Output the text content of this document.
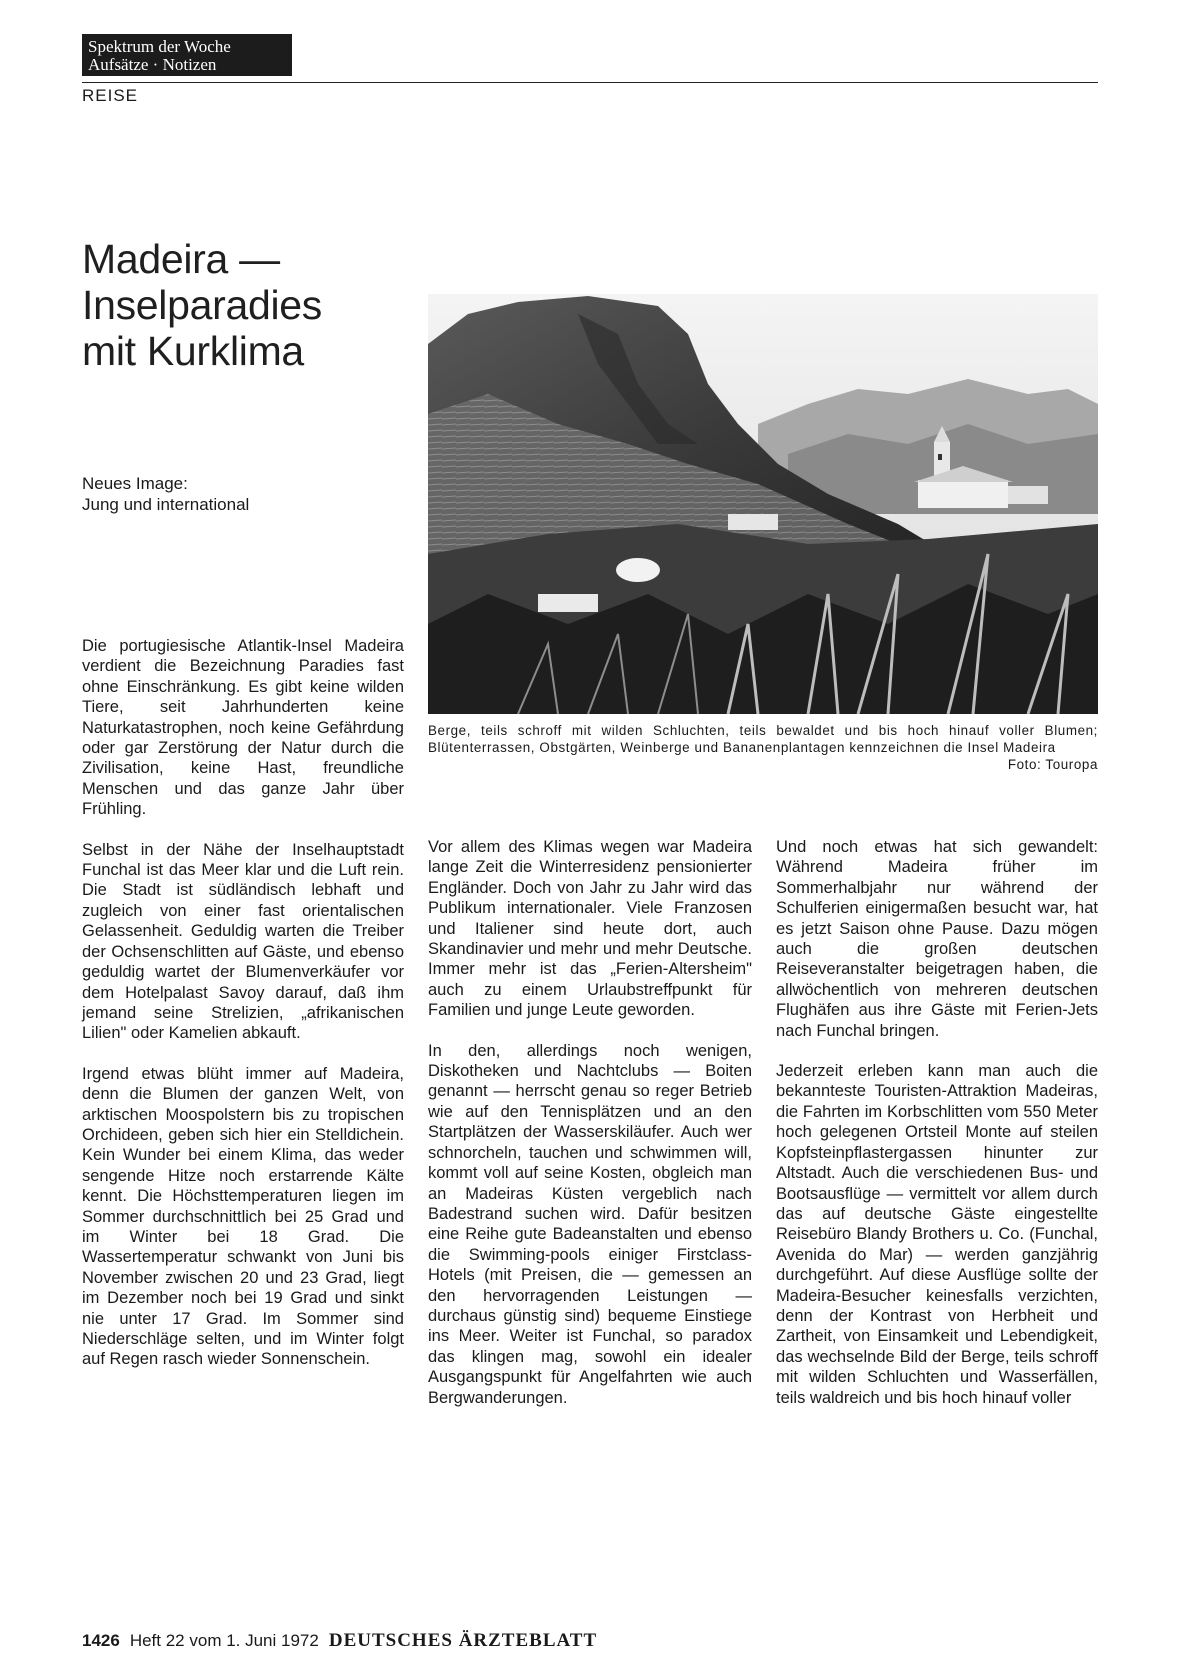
Spektrum der Woche
Aufsätze · Notizen
REISE
Madeira —
Inselparadies
mit Kurklima
Neues Image:
Jung und international
Berge, teils schroff mit wilden Schluchten, teils bewaldet und bis hoch hinauf voller Blumen; Blütenterrassen, Obstgärten, Weinberge und Bananenplantagen kennzeichnen die Insel Madeira
Foto: Touropa

Die portugiesische Atlantik-Insel Madeira verdient die Bezeichnung Paradies fast ohne Einschränkung. Es gibt keine wilden Tiere, seit Jahrhunderten keine Naturkatastrophen, noch keine Gefährdung oder gar Zerstörung der Natur durch die Zivilisation, keine Hast, freundliche Menschen und das ganze Jahr über Frühling.

Selbst in der Nähe der Inselhauptstadt Funchal ist das Meer klar und die Luft rein. Die Stadt ist südländisch lebhaft und zugleich von einer fast orientalischen Gelassenheit. Geduldig warten die Treiber der Ochsenschlitten auf Gäste, und ebenso geduldig wartet der Blumenverkäufer vor dem Hotelpalast Savoy darauf, daß ihm jemand seine Strelizien, „afrikanischen Lilien" oder Kamelien abkauft.

Irgend etwas blüht immer auf Madeira, denn die Blumen der ganzen Welt, von arktischen Moospolstern bis zu tropischen Orchideen, geben sich hier ein Stelldichein. Kein Wunder bei einem Klima, das weder sengende Hitze noch erstarrende Kälte kennt. Die Höchsttemperaturen liegen im Sommer durchschnittlich bei 25 Grad und im Winter bei 18 Grad. Die Wassertemperatur schwankt von Juni bis November zwischen 20 und 23 Grad, liegt im Dezember noch bei 19 Grad und sinkt nie unter 17 Grad. Im Sommer sind Niederschläge selten, und im Winter folgt auf Regen rasch wieder Sonnenschein.

Vor allem des Klimas wegen war Madeira lange Zeit die Winterresidenz pensionierter Engländer. Doch von Jahr zu Jahr wird das Publikum internationaler. Viele Franzosen und Italiener sind heute dort, auch Skandinavier und mehr und mehr Deutsche. Immer mehr ist das „Ferien-Altersheim" auch zu einem Urlaubstreffpunkt für Familien und junge Leute geworden.

In den, allerdings noch wenigen, Diskotheken und Nachtclubs — Boiten genannt — herrscht genau so reger Betrieb wie auf den Tennisplätzen und an den Startplätzen der Wasserskiläufer. Auch wer schnorcheln, tauchen und schwimmen will, kommt voll auf seine Kosten, obgleich man an Madeiras Küsten vergeblich nach Badestrand suchen wird. Dafür besitzen eine Reihe gute Badeanstalten und ebenso die Swimming-pools einiger Firstclass-Hotels (mit Preisen, die — gemessen an den hervorragenden Leistungen — durchaus günstig sind) bequeme Einstiege ins Meer. Weiter ist Funchal, so paradox das klingen mag, sowohl ein idealer Ausgangspunkt für Angelfahrten wie auch Bergwanderungen.

Und noch etwas hat sich gewandelt: Während Madeira früher im Sommerhalbjahr nur während der Schulferien einigermaßen besucht war, hat es jetzt Saison ohne Pause. Dazu mögen auch die großen deutschen Reiseveranstalter beigetragen haben, die allwöchentlich von mehreren deutschen Flughäfen aus ihre Gäste mit Ferien-Jets nach Funchal bringen.

Jederzeit erleben kann man auch die bekannteste Touristen-Attraktion Madeiras, die Fahrten im Korbschlitten vom 550 Meter hoch gelegenen Ortsteil Monte auf steilen Kopfsteinpflastergassen hinunter zur Altstadt. Auch die verschiedenen Bus- und Bootsausflüge — vermittelt vor allem durch das auf deutsche Gäste eingestellte Reisebüro Blandy Brothers u. Co. (Funchal, Avenida do Mar) — werden ganzjährig durchgeführt. Auf diese Ausflüge sollte der Madeira-Besucher keinesfalls verzichten, denn der Kontrast von Herbheit und Zartheit, von Einsamkeit und Lebendigkeit, das wechselnde Bild der Berge, teils schroff mit wilden Schluchten und Wasserfällen, teils waldreich und bis hoch hinauf voller

1426 Heft 22 vom 1. Juni 1972 DEUTSCHES ÄRZTEBLATT
